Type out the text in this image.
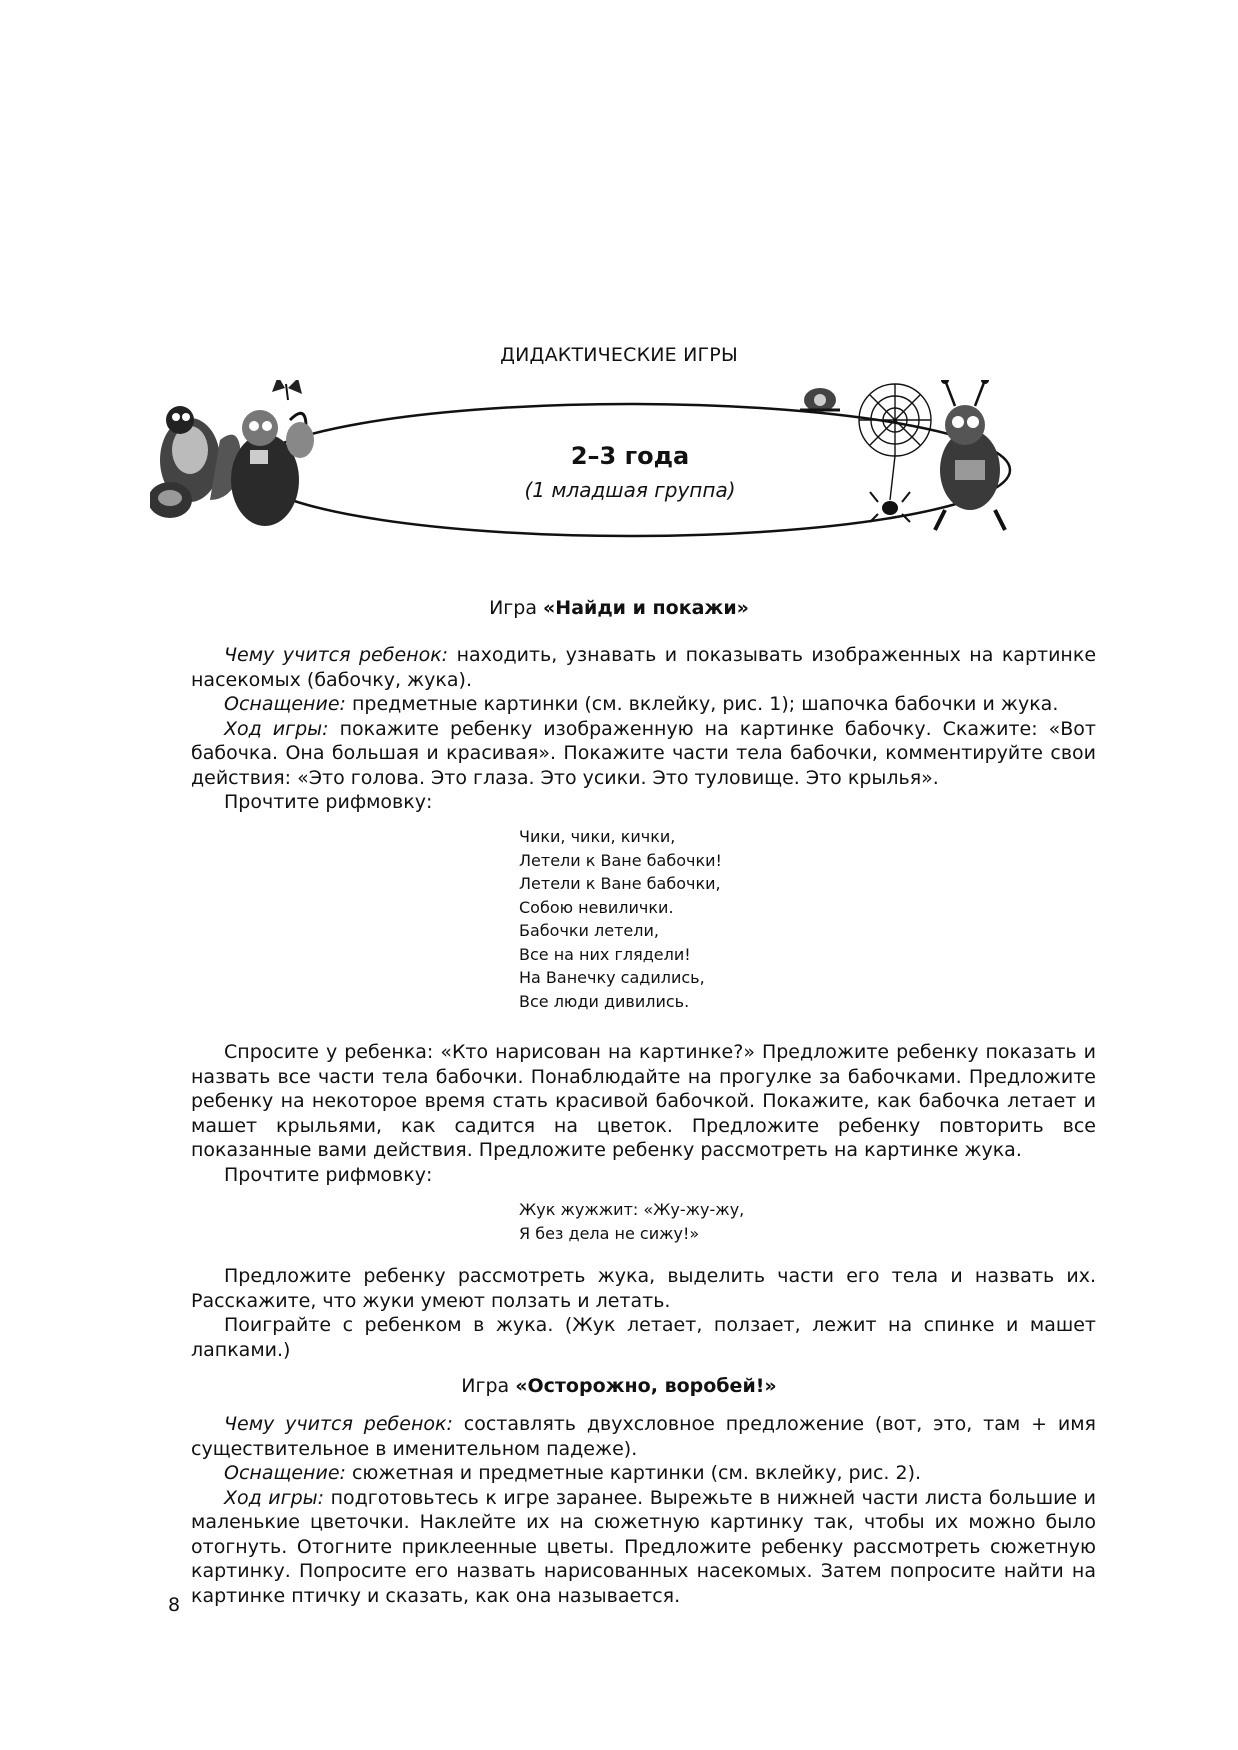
ДИДАКТИЧЕСКИЕ ИГРЫ
2–3 года
(1 младшая группа)
Игра «Найди и покажи»

Чему учится ребенок: находить, узнавать и показывать изображенных на картинке насекомых (бабочку, жука).
Оснащение: предметные картинки (см. вклейку, рис. 1); шапочка бабочки и жука.
Ход игры: покажите ребенку изображенную на картинке бабочку. Скажите: «Вот бабочка. Она большая и красивая». Покажите части тела бабочки, комментируйте свои действия: «Это голова. Это глаза. Это усики. Это туловище. Это крылья».
Прочтите рифмовку:

Чики, чики, кички,
Летели к Ване бабочки!
Летели к Ване бабочки,
Собою невилички.
Бабочки летели,
Все на них глядели!
На Ванечку садились,
Все люди дивились.

Спросите у ребенка: «Кто нарисован на картинке?» Предложите ребенку показать и назвать все части тела бабочки. Понаблюдайте на прогулке за бабочками. Предложите ребенку на некоторое время стать красивой бабочкой. Покажите, как бабочка летает и машет крыльями, как садится на цветок. Предложите ребенку повторить все показанные вами действия. Предложите ребенку рассмотреть на картинке жука.
Прочтите рифмовку:

Жук жужжит: «Жу-жу-жу,
Я без дела не сижу!»

Предложите ребенку рассмотреть жука, выделить части его тела и назвать их. Расскажите, что жуки умеют ползать и летать.
Поиграйте с ребенком в жука. (Жук летает, ползает, лежит на спинке и машет лапками.)

Игра «Осторожно, воробей!»

Чему учится ребенок: составлять двухсловное предложение (вот, это, там + имя существительное в именительном падеже).
Оснащение: сюжетная и предметные картинки (см. вклейку, рис. 2).
Ход игры: подготовьтесь к игре заранее. Вырежьте в нижней части листа большие и маленькие цветочки. Наклейте их на сюжетную картинку так, чтобы их можно было отогнуть. Отогните приклеенные цветы. Предложите ребенку рассмотреть сюжетную картинку. Попросите его назвать нарисованных насекомых. Затем попросите найти на картинке птичку и сказать, как она называется.

8
